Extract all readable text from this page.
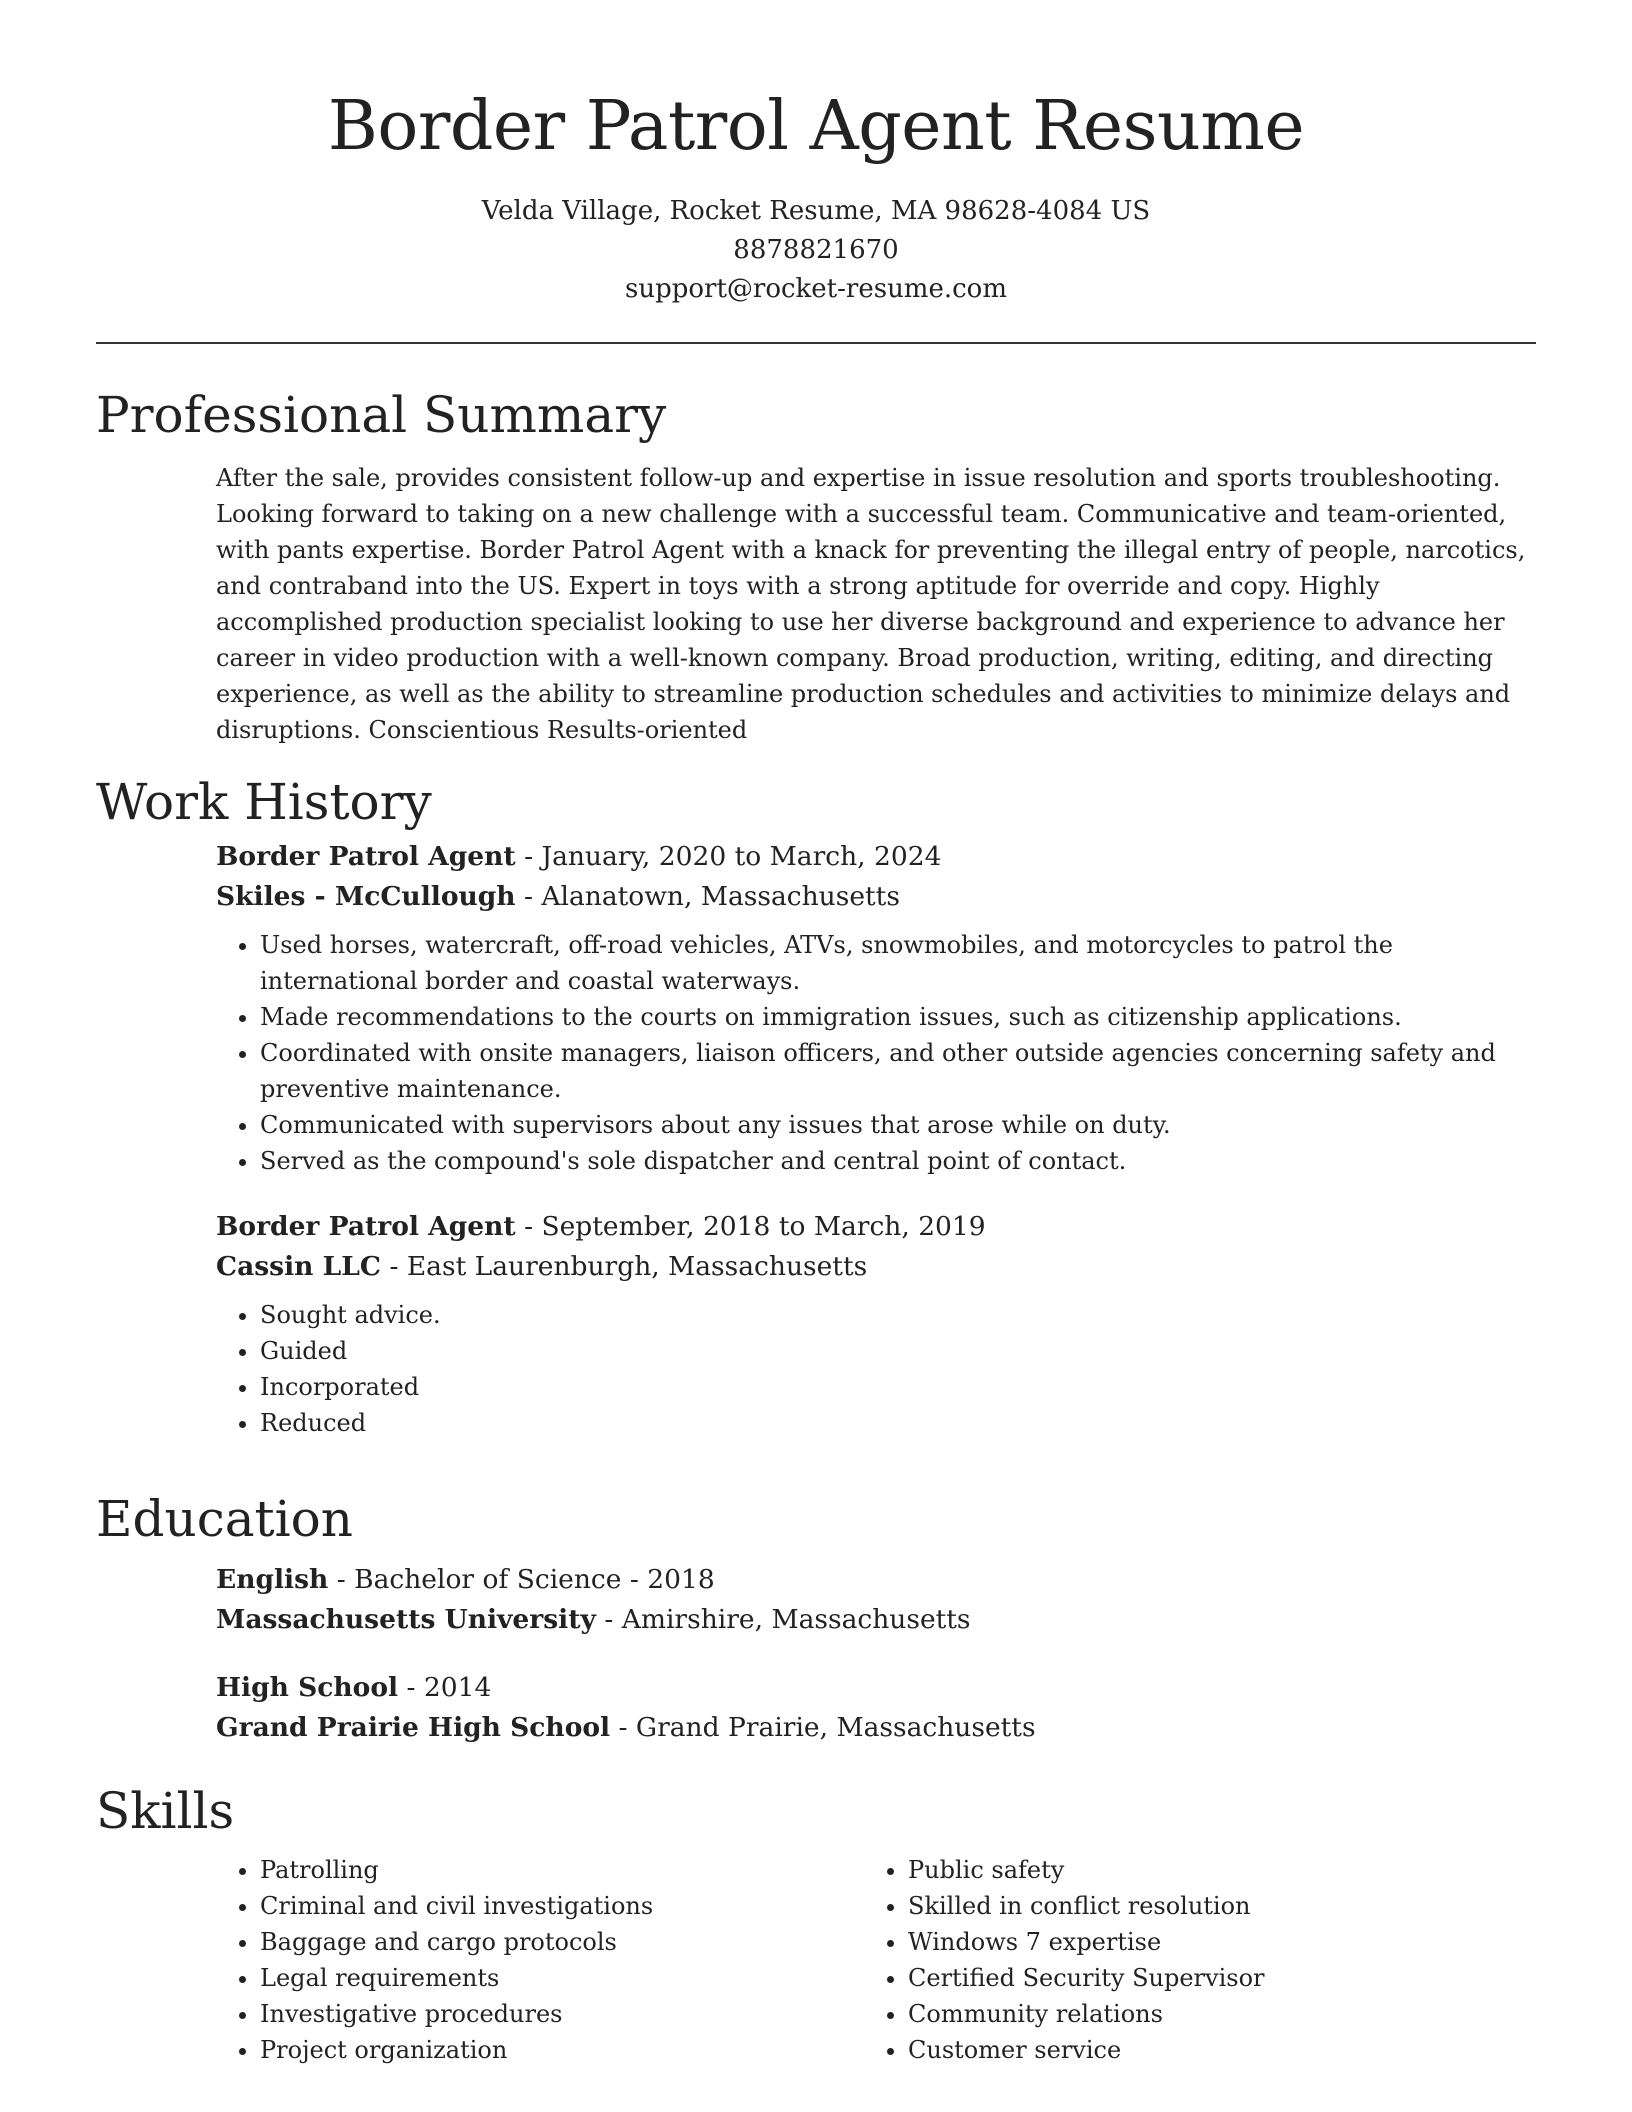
Border Patrol Agent Resume
Velda Village, Rocket Resume, MA 98628-4084 US
8878821670
support@rocket-resume.com
Professional Summary
After the sale, provides consistent follow-up and expertise in issue resolution and sports troubleshooting. Looking forward to taking on a new challenge with a successful team. Communicative and team-oriented, with pants expertise. Border Patrol Agent with a knack for preventing the illegal entry of people, narcotics, and contraband into the US. Expert in toys with a strong aptitude for override and copy. Highly accomplished production specialist looking to use her diverse background and experience to advance her career in video production with a well-known company. Broad production, writing, editing, and directing experience, as well as the ability to streamline production schedules and activities to minimize delays and disruptions. Conscientious Results-oriented
Work History
Border Patrol Agent - January, 2020 to March, 2024
Skiles - McCullough - Alanatown, Massachusetts
• Used horses, watercraft, off-road vehicles, ATVs, snowmobiles, and motorcycles to patrol the international border and coastal waterways.
• Made recommendations to the courts on immigration issues, such as citizenship applications.
• Coordinated with onsite managers, liaison officers, and other outside agencies concerning safety and preventive maintenance.
• Communicated with supervisors about any issues that arose while on duty.
• Served as the compound's sole dispatcher and central point of contact.
Border Patrol Agent - September, 2018 to March, 2019
Cassin LLC - East Laurenburgh, Massachusetts
• Sought advice.
• Guided
• Incorporated
• Reduced
Education
English - Bachelor of Science - 2018
Massachusetts University - Amirshire, Massachusetts
High School - 2014
Grand Prairie High School - Grand Prairie, Massachusetts
Skills
• Patrolling
• Criminal and civil investigations
• Baggage and cargo protocols
• Legal requirements
• Investigative procedures
• Project organization
• Public safety
• Skilled in conflict resolution
• Windows 7 expertise
• Certified Security Supervisor
• Community relations
• Customer service
